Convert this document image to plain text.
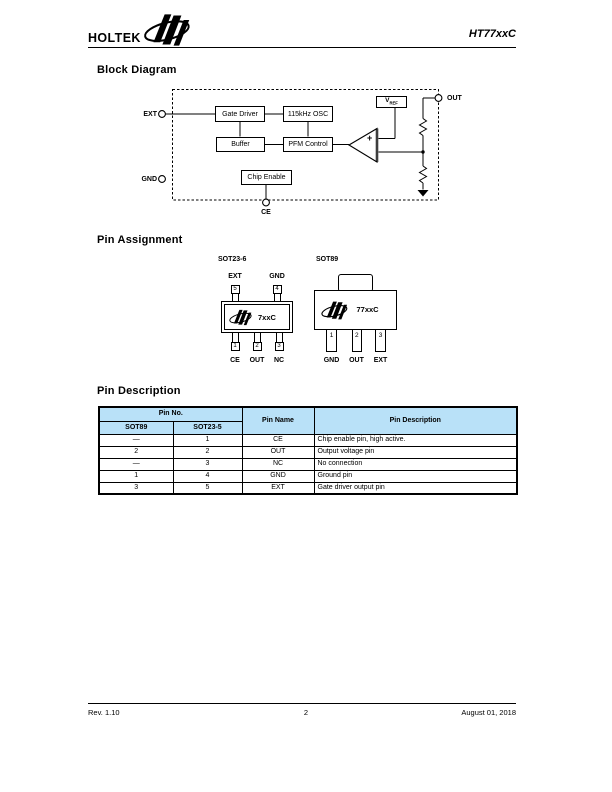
HOLTEK	HT77xxC
Block Diagram
Gate Driver	115kHz OSC
Buffer	PFM Control
Chip Enable
$V_{REF}$
+
EXT
GND
OUT
CE
Pin Assignment
SOT23-6
EXT	GND
5	4
7xxC
1	2	3
CE	OUT	NC
SOT89
77xxC
1	2	3
GND	OUT	EXT
Pin Description
Pin No.		Pin Name	Pin Description
SOT89	SOT23-5		
—	1	CE	Chip enable pin, high active.
2	2	OUT	Output voltage pin
—	3	NC	No connection
1	4	GND	Ground pin
3	5	EXT	Gate driver output pin
Rev. 1.10	2	August 01, 2018
